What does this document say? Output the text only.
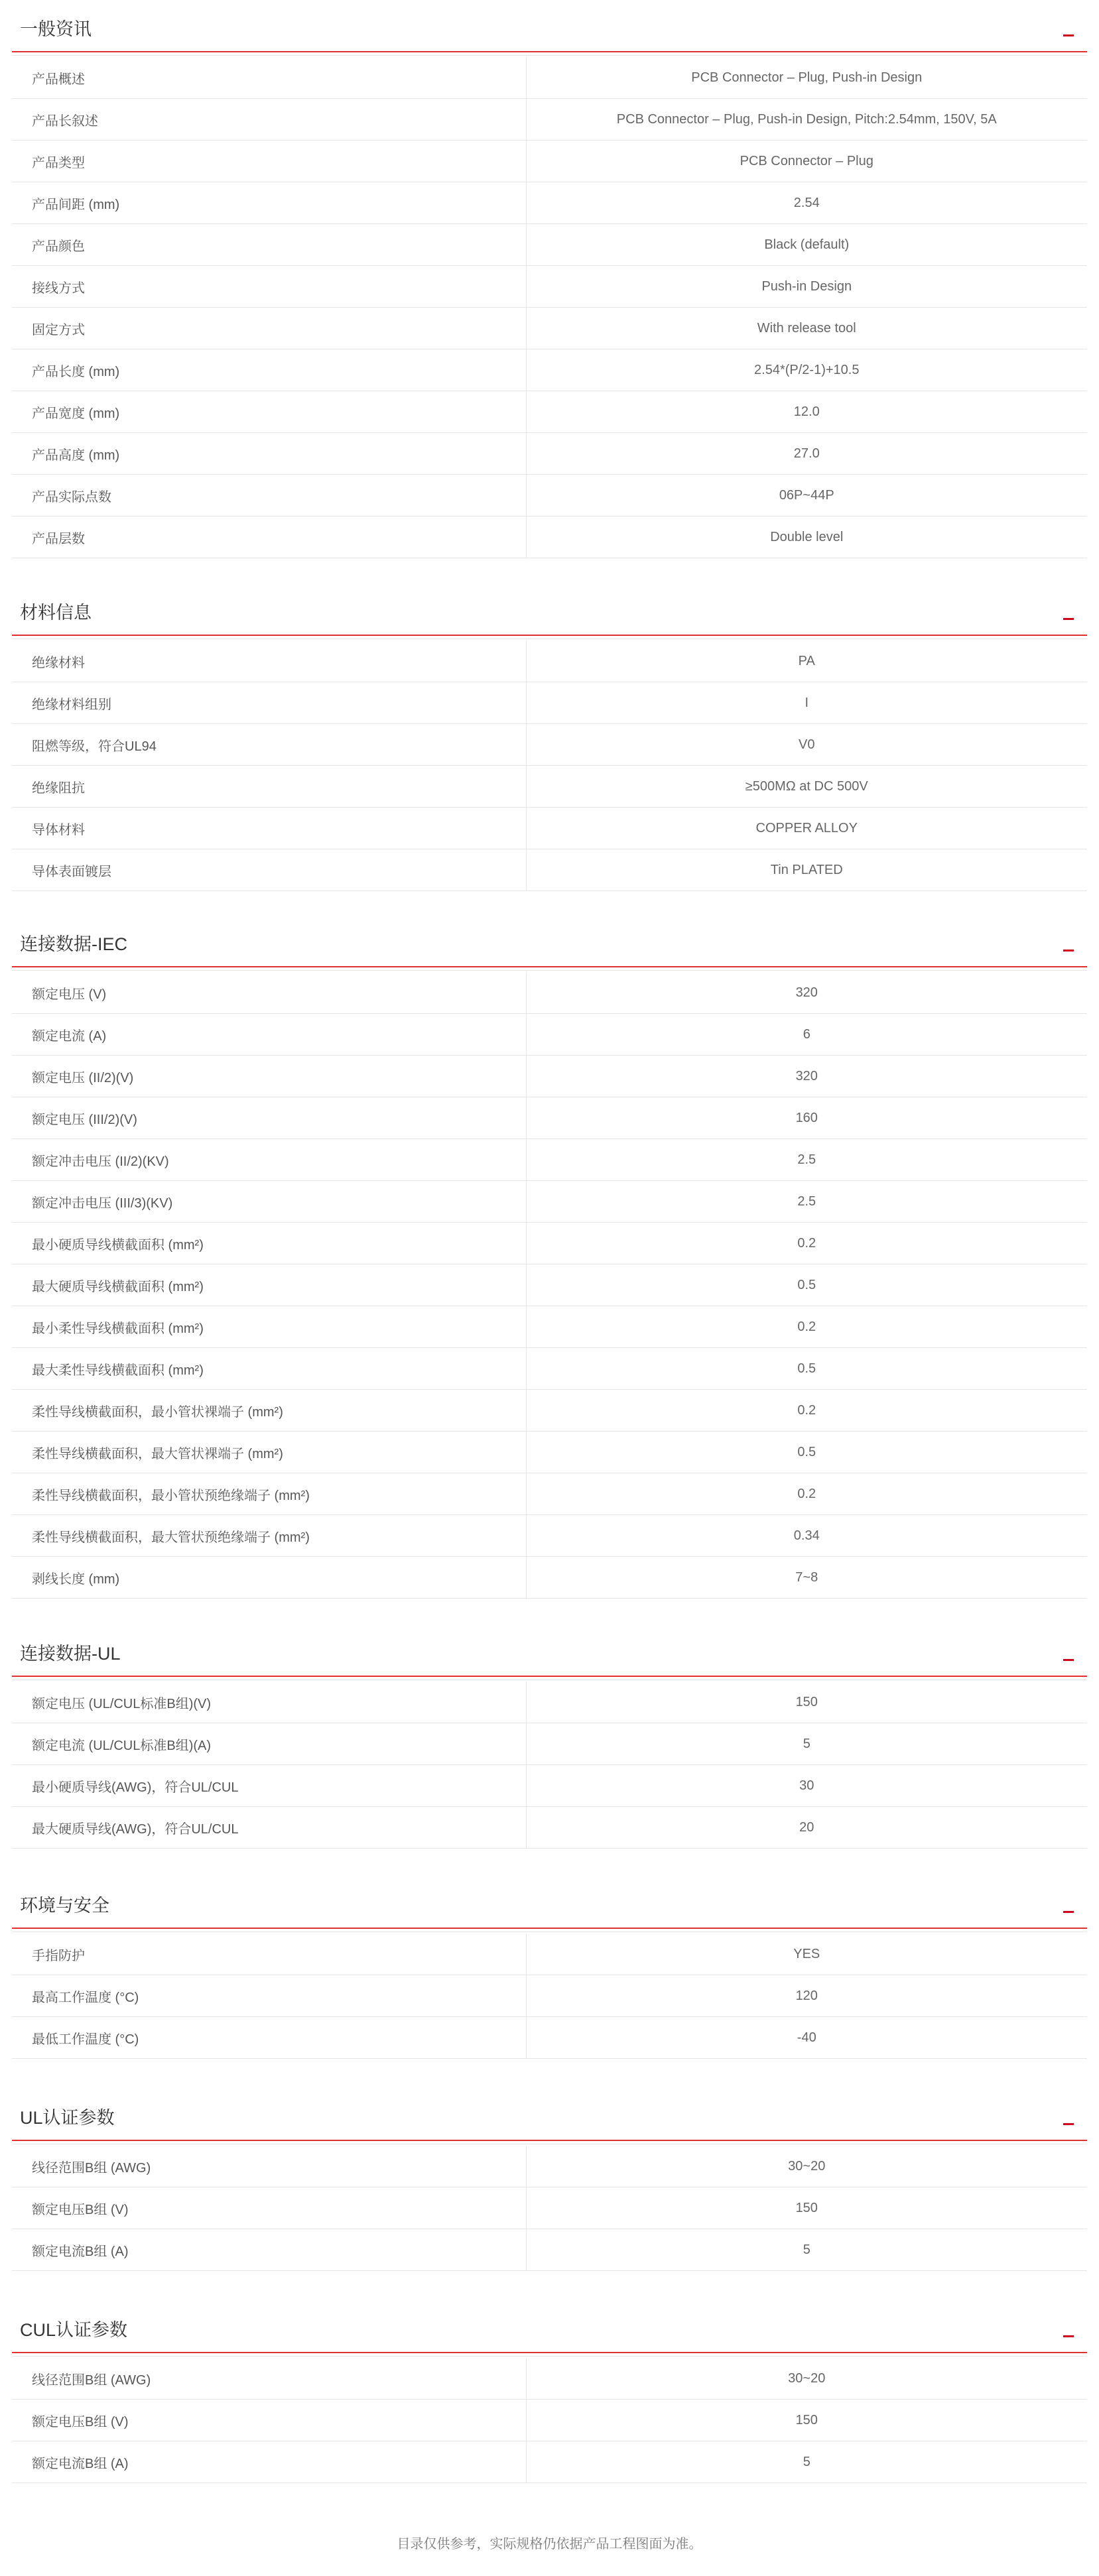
一般资讯
产品概述	PCB Connector – Plug, Push-in Design
产品长叙述	PCB Connector – Plug, Push-in Design, Pitch:2.54mm, 150V, 5A
产品类型	PCB Connector – Plug
产品间距 (mm)	2.54
产品颜色	Black (default)
接线方式	Push-in Design
固定方式	With release tool
产品长度 (mm)	2.54*(P/2-1)+10.5
产品宽度 (mm)	12.0
产品高度 (mm)	27.0
产品实际点数	06P~44P
产品层数	Double level
材料信息
绝缘材料	PA
绝缘材料组别	I
阻燃等级，符合UL94	V0
绝缘阻抗	≥500MΩ at DC 500V
导体材料	COPPER ALLOY
导体表面镀层	Tin PLATED
连接数据-IEC
额定电压 (V)	320
额定电流 (A)	6
额定电压 (II/2)(V)	320
额定电压 (III/2)(V)	160
额定冲击电压 (II/2)(KV)	2.5
额定冲击电压 (III/3)(KV)	2.5
最小硬质导线横截面积 (mm²)	0.2
最大硬质导线横截面积 (mm²)	0.5
最小柔性导线横截面积 (mm²)	0.2
最大柔性导线横截面积 (mm²)	0.5
柔性导线横截面积，最小管状裸端子 (mm²)	0.2
柔性导线横截面积，最大管状裸端子 (mm²)	0.5
柔性导线横截面积，最小管状预绝缘端子 (mm²)	0.2
柔性导线横截面积，最大管状预绝缘端子 (mm²)	0.34
剥线长度 (mm)	7~8
连接数据-UL
额定电压 (UL/CUL标准B组)(V)	150
额定电流 (UL/CUL标准B组)(A)	5
最小硬质导线(AWG)，符合UL/CUL	30
最大硬质导线(AWG)，符合UL/CUL	20
环境与安全
手指防护	YES
最高工作温度 (°C)	120
最低工作温度 (°C)	-40
UL认证参数
线径范围B组 (AWG)	30~20
额定电压B组 (V)	150
额定电流B组 (A)	5
CUL认证参数
线径范围B组 (AWG)	30~20
额定电压B组 (V)	150
额定电流B组 (A)	5
目录仅供参考，实际规格仍依据产品工程图面为准。
